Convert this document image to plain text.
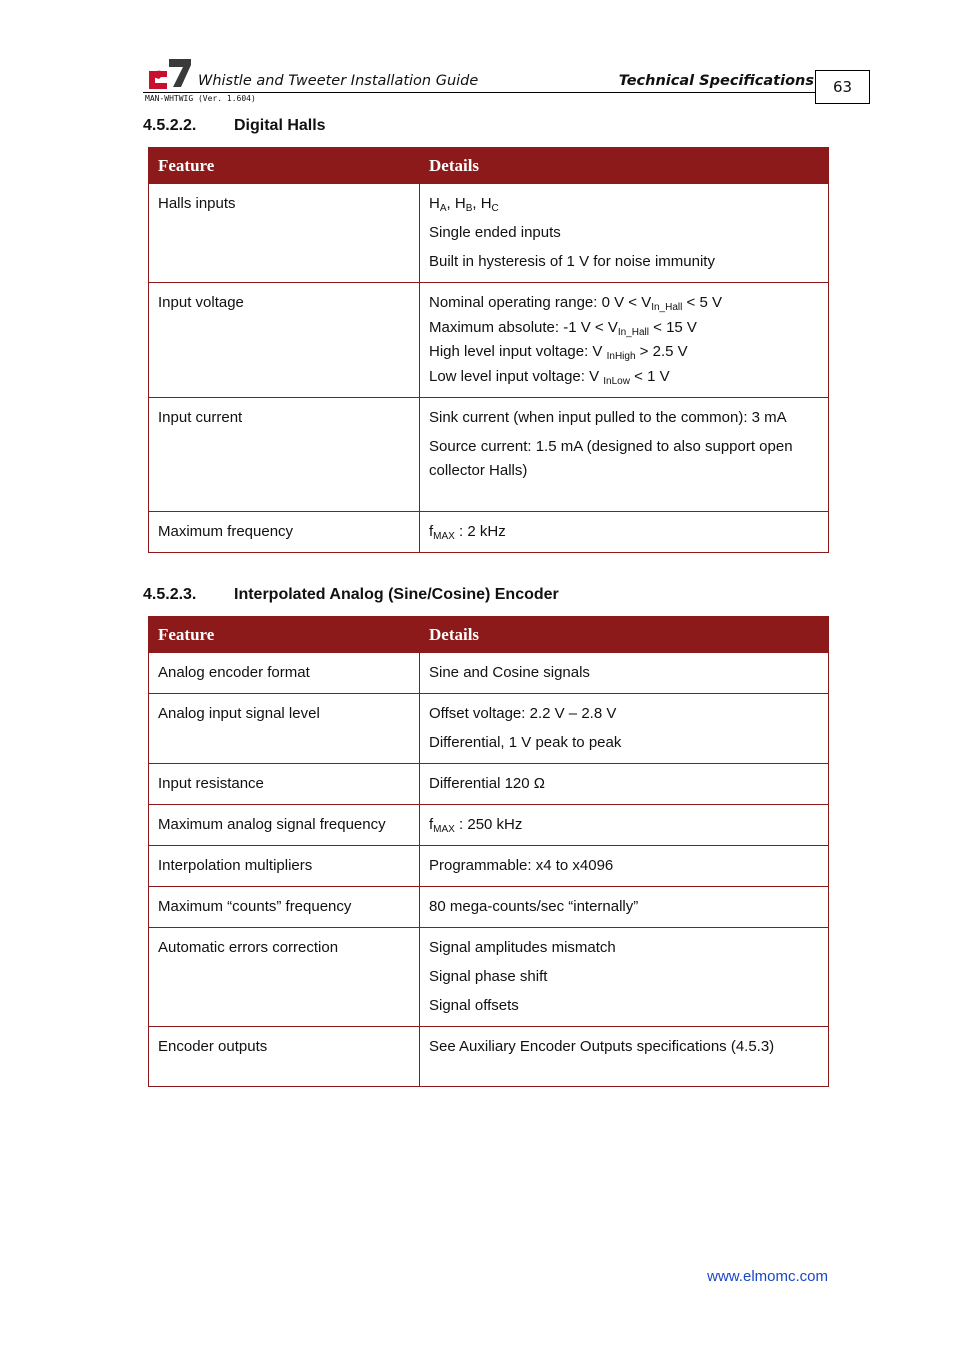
Whistle and Tweeter Installation Guide	Technical Specifications	63
MAN-WHTWIG (Ver. 1.604)
4.5.2.2. Digital Halls
Feature	Details
Halls inputs	$H_A$, $H_B$, $H_C$

Single ended inputs

Built in hysteresis of 1 V for noise immunity

Input voltage	Nominal operating range: 0 $V < V_{In\_Hall} < 5$ V

Maximum absolute: -1 $V < V_{In\_Hall} < 15$ V

High level input voltage: V $_{InHigh}$ > 2.5 V

Low level input voltage: V $_{InLow}$ < 1 V

Input current	Sink current (when input pulled to the common): 3 mA

Source current: 1.5 mA (designed to also support open collector Halls)

Maximum frequency	$f_{MAX}$ : 2 kHz
4.5.2.3. Interpolated Analog (Sine/Cosine) Encoder
Feature	Details
Analog encoder format	Sine and Cosine signals
Analog input signal level	Offset voltage: 2.2 V – 2.8 V

Differential, 1 V peak to peak

Input resistance	Differential 120 Ω
Maximum analog signal frequency	$f_{MAX}$ : 250 kHz
Interpolation multipliers	Programmable: x4 to x4096
Maximum “counts” frequency	80 mega-counts/sec “internally”
Automatic errors correction	Signal amplitudes mismatch

Signal phase shift

Signal offsets

Encoder outputs	See Auxiliary Encoder Outputs specifications (4.5.3)
www.elmomc.com
